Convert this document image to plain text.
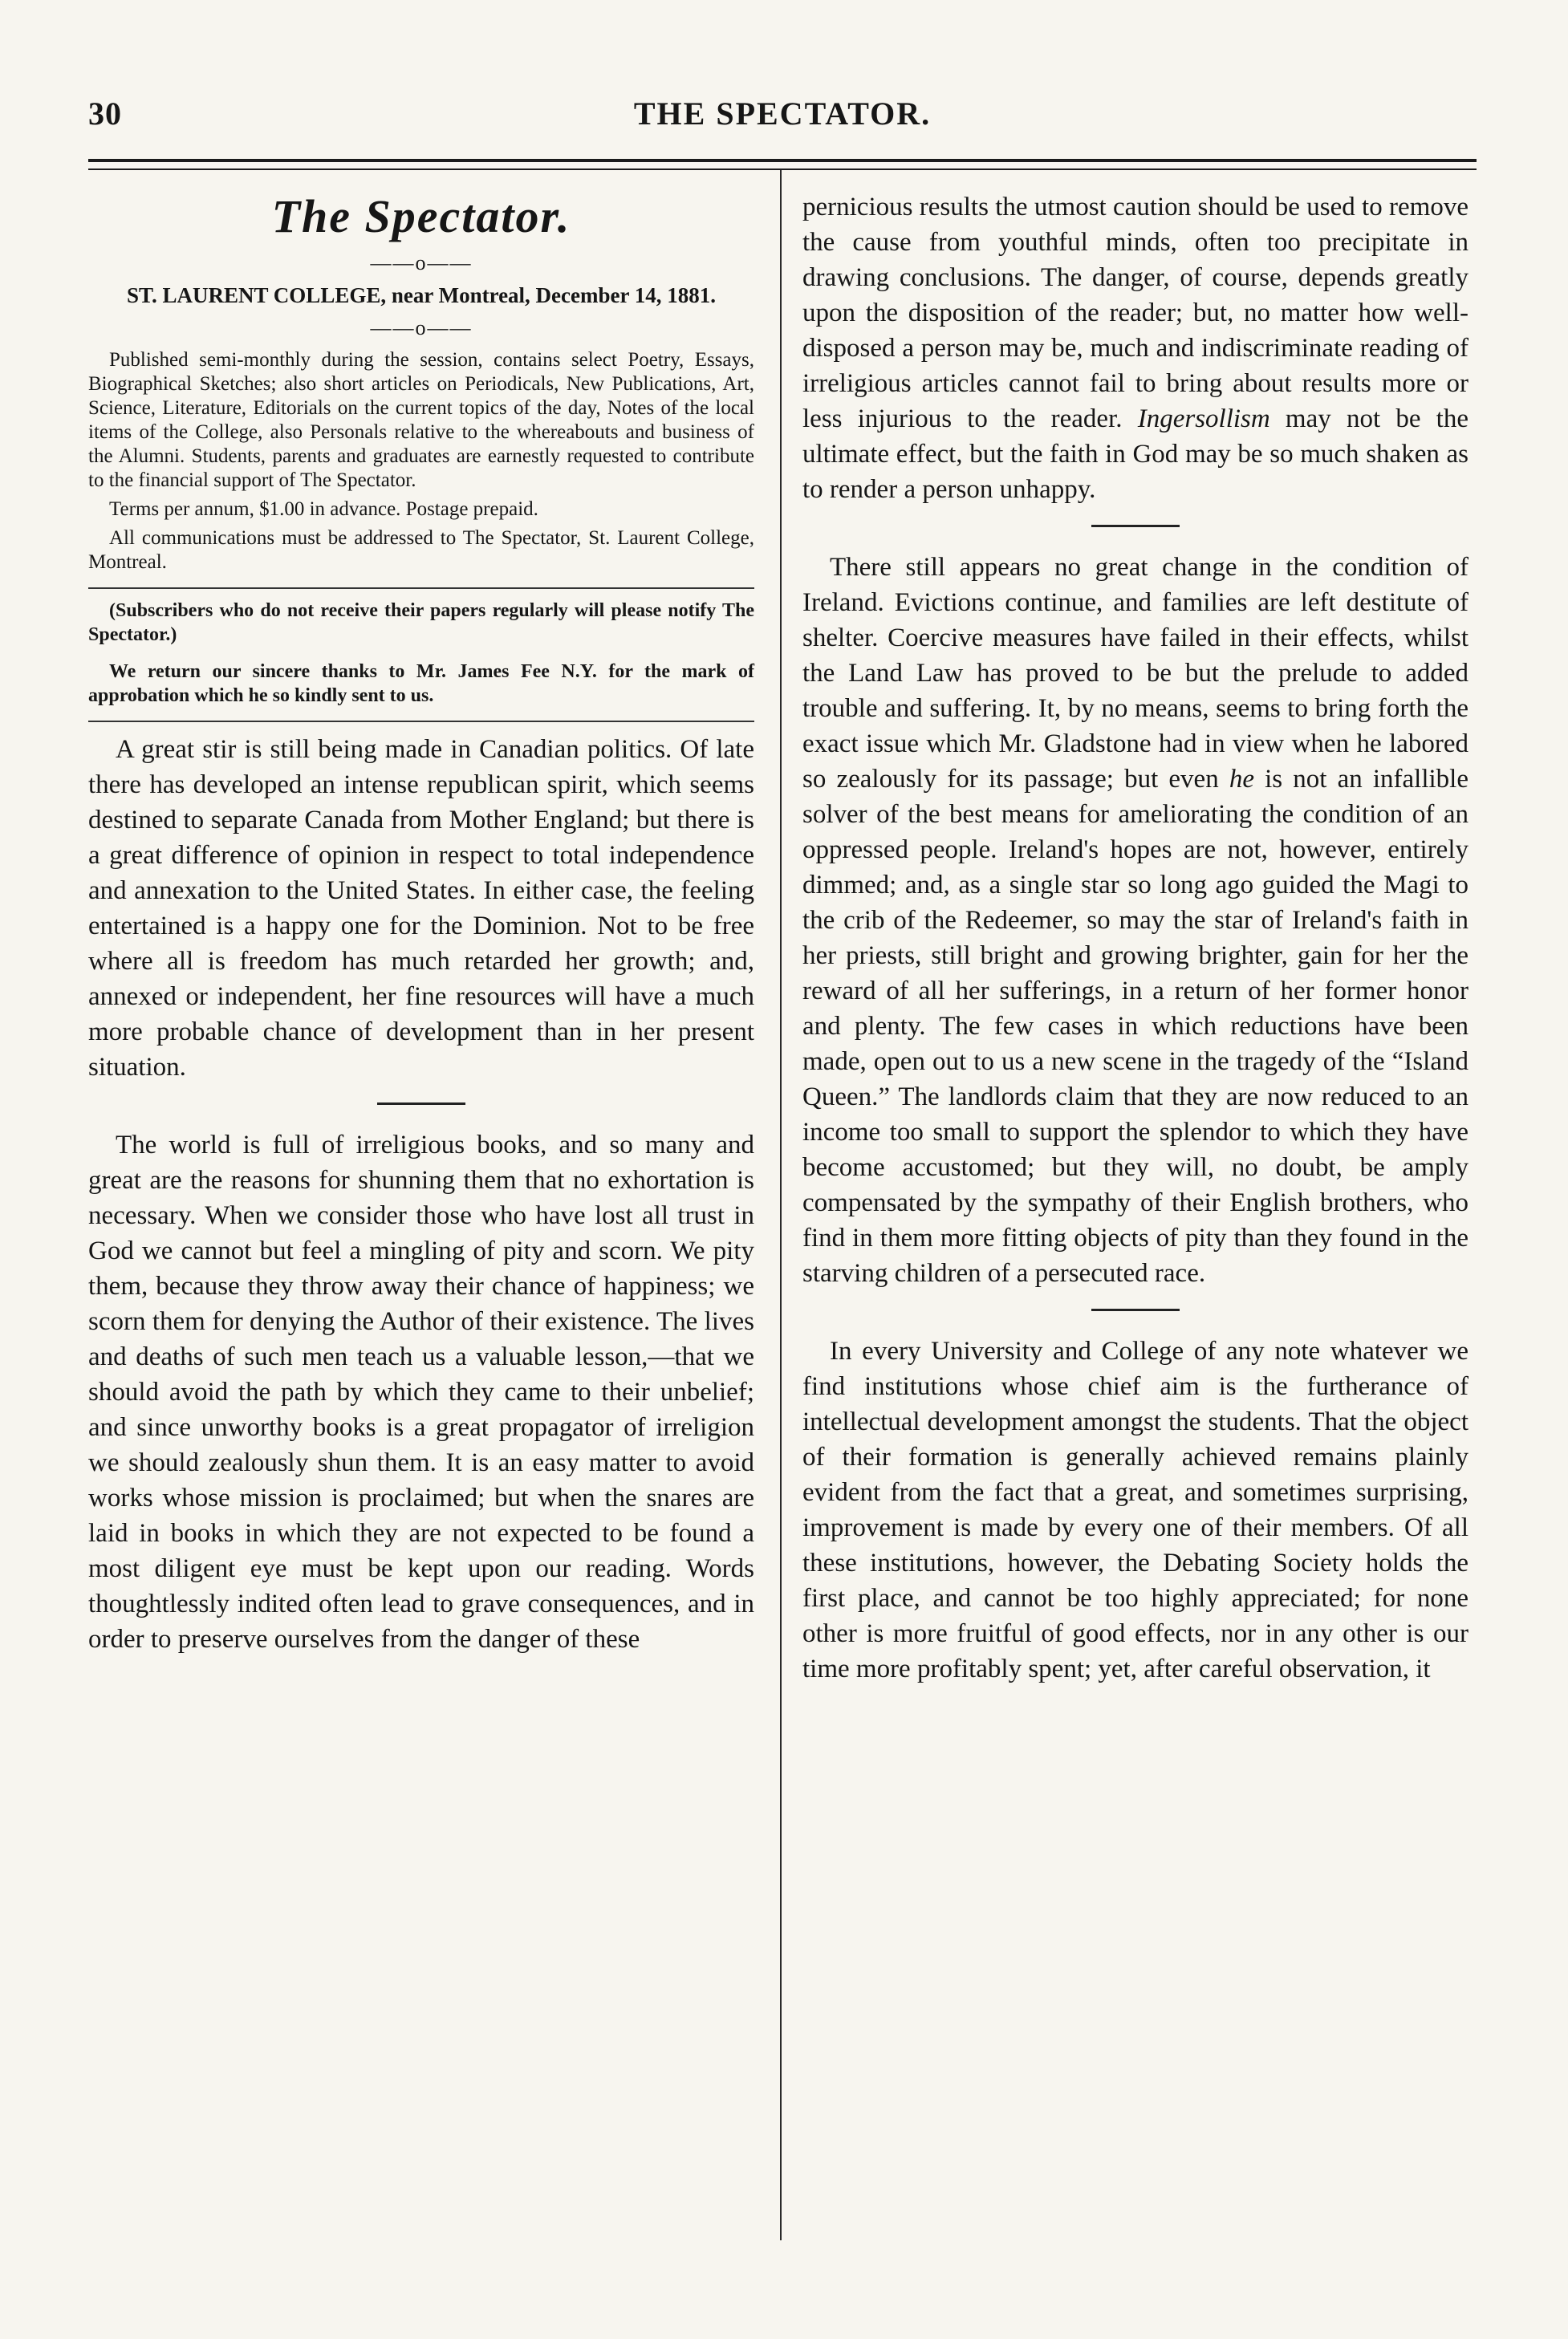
30	THE SPECTATOR.
The Spectator.
——o——
ST. LAURENT COLLEGE, near Montreal, December 14, 1881.
——o——

Published semi-monthly during the session, contains select Poetry, Essays, Biographical Sketches; also short articles on Periodicals, New Publications, Art, Science, Literature, Editorials on the current topics of the day, Notes of the local items of the College, also Personals relative to the whereabouts and business of the Alumni. Students, parents and graduates are earnestly requested to contribute to the financial support of The Spectator.

Terms per annum, $1.00 in advance. Postage prepaid.

All communications must be addressed to The Spectator, St. Laurent College, Montreal.

(Subscribers who do not receive their papers regularly will please notify The Spectator.)

We return our sincere thanks to Mr. James Fee N.Y. for the mark of approbation which he so kindly sent to us.

A great stir is still being made in Canadian politics. Of late there has developed an intense republican spirit, which seems destined to separate Canada from Mother England; but there is a great difference of opinion in respect to total independence and annexation to the United States. In either case, the feeling entertained is a happy one for the Dominion. Not to be free where all is freedom has much retarded her growth; and, annexed or independent, her fine resources will have a much more probable chance of development than in her present situation.

The world is full of irreligious books, and so many and great are the reasons for shunning them that no exhortation is necessary. When we consider those who have lost all trust in God we cannot but feel a mingling of pity and scorn. We pity them, because they throw away their chance of happiness; we scorn them for denying the Author of their existence. The lives and deaths of such men teach us a valuable lesson,—that we should avoid the path by which they came to their unbelief; and since unworthy books is a great propagator of irreligion we should zealously shun them. It is an easy matter to avoid works whose mission is proclaimed; but when the snares are laid in books in which they are not expected to be found a most diligent eye must be kept upon our reading. Words thoughtlessly indited often lead to grave consequences, and in order to preserve ourselves from the danger of these

pernicious results the utmost caution should be used to remove the cause from youthful minds, often too precipitate in drawing conclusions. The danger, of course, depends greatly upon the disposition of the reader; but, no matter how well-disposed a person may be, much and indiscriminate reading of irreligious articles cannot fail to bring about results more or less injurious to the reader. Ingersollism may not be the ultimate effect, but the faith in God may be so much shaken as to render a person unhappy.

There still appears no great change in the condition of Ireland. Evictions continue, and families are left destitute of shelter. Coercive measures have failed in their effects, whilst the Land Law has proved to be but the prelude to added trouble and suffering. It, by no means, seems to bring forth the exact issue which Mr. Gladstone had in view when he labored so zealously for its passage; but even he is not an infallible solver of the best means for ameliorating the condition of an oppressed people. Ireland's hopes are not, however, entirely dimmed; and, as a single star so long ago guided the Magi to the crib of the Redeemer, so may the star of Ireland's faith in her priests, still bright and growing brighter, gain for her the reward of all her sufferings, in a return of her former honor and plenty. The few cases in which reductions have been made, open out to us a new scene in the tragedy of the “Island Queen.” The landlords claim that they are now reduced to an income too small to support the splendor to which they have become accustomed; but they will, no doubt, be amply compensated by the sympathy of their English brothers, who find in them more fitting objects of pity than they found in the starving children of a persecuted race.

In every University and College of any note whatever we find institutions whose chief aim is the furtherance of intellectual development amongst the students. That the object of their formation is generally achieved remains plainly evident from the fact that a great, and sometimes surprising, improvement is made by every one of their members. Of all these institutions, however, the Debating Society holds the first place, and cannot be too highly appreciated; for none other is more fruitful of good effects, nor in any other is our time more profitably spent; yet, after careful observation, it
